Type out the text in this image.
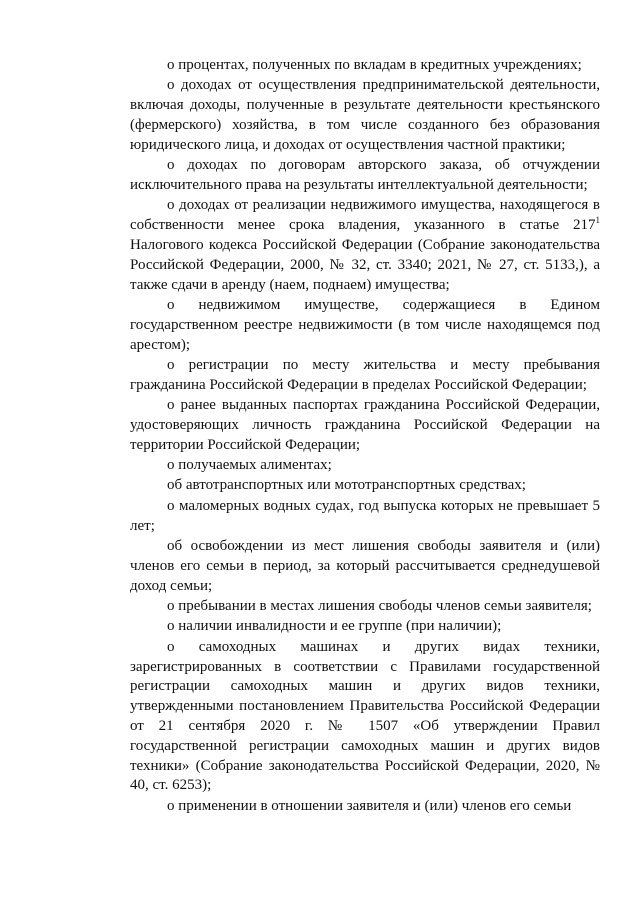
о процентах, полученных по вкладам в кредитных учреждениях;

о доходах от осуществления предпринимательской деятельности, включая доходы, полученные в результате деятельности крестьянского (фермерского) хозяйства, в том числе созданного без образования юридического лица, и доходах от осуществления частной практики;

о доходах по договорам авторского заказа, об отчуждении исключительного права на результаты интеллектуальной деятельности;

о доходах от реализации недвижимого имущества, находящегося в собственности менее срока владения, указанного в статье $217^1$ Налогового кодекса Российской Федерации (Собрание законодательства Российской Федерации, 2000, № 32, ст. 3340; 2021, № 27, ст. 5133,), а также сдачи в аренду (наем, поднаем) имущества;

о недвижимом имуществе, содержащиеся в Едином государственном реестре недвижимости (в том числе находящемся под арестом);

о регистрации по месту жительства и месту пребывания гражданина Российской Федерации в пределах Российской Федерации;

о ранее выданных паспортах гражданина Российской Федерации, удостоверяющих личность гражданина Российской Федерации на территории Российской Федерации;

о получаемых алиментах;

об автотранспортных или мототранспортных средствах;

о маломерных водных судах, год выпуска которых не превышает 5 лет;

об освобождении из мест лишения свободы заявителя и (или) членов его семьи в период, за который рассчитывается среднедушевой доход семьи;

о пребывании в местах лишения свободы членов семьи заявителя;

о наличии инвалидности и ее группе (при наличии);

о самоходных машинах и других видах техники, зарегистрированных в соответствии с Правилами государственной регистрации самоходных машин и других видов техники, утвержденными постановлением Правительства Российской Федерации от 21 сентября 2020 г. № 1507 «Об утверждении Правил государственной регистрации самоходных машин и других видов техники» (Собрание законодательства Российской Федерации, 2020, № 40, ст. 6253);

о применении в отношении заявителя и (или) членов его семьи
